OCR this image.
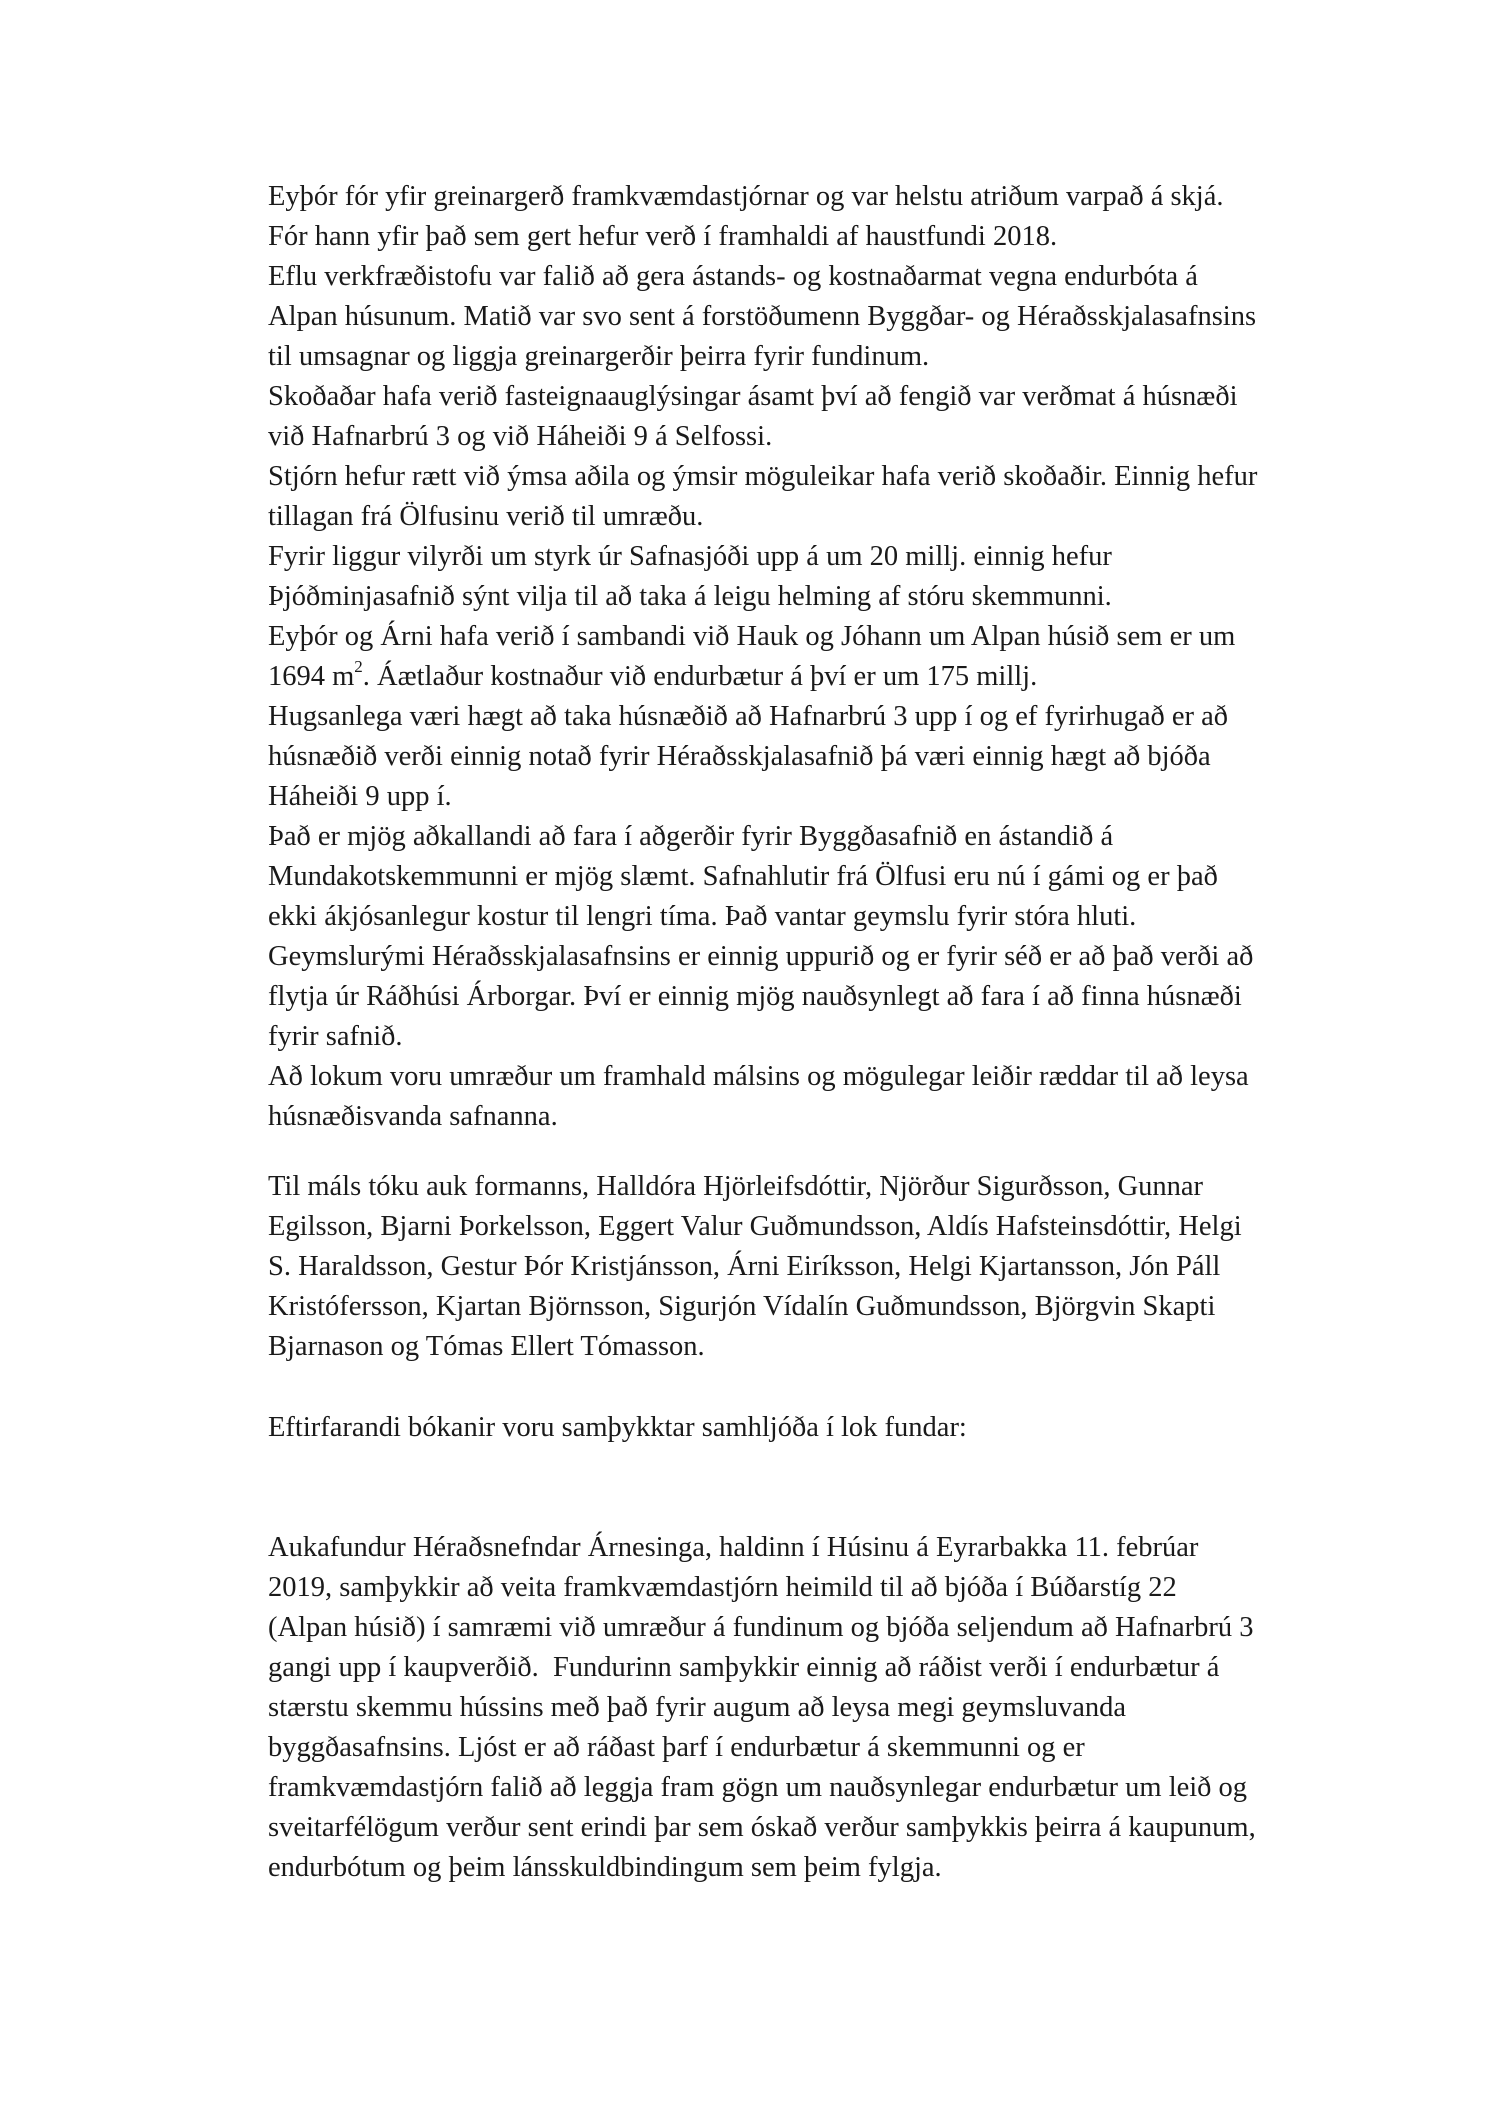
Eyþór fór yfir greinargerð framkvæmdastjórnar og var helstu atriðum varpað á skjá.
Fór hann yfir það sem gert hefur verð í framhaldi af haustfundi 2018.
Eflu verkfræðistofu var falið að gera ástands- og kostnaðarmat vegna endurbóta á
Alpan húsunum. Matið var svo sent á forstöðumenn Byggðar- og Héraðsskjalasafnsins
til umsagnar og liggja greinargerðir þeirra fyrir fundinum.
Skoðaðar hafa verið fasteignaauglýsingar ásamt því að fengið var verðmat á húsnæði
við Hafnarbrú 3 og við Háheiði 9 á Selfossi.
Stjórn hefur rætt við ýmsa aðila og ýmsir möguleikar hafa verið skoðaðir. Einnig hefur
tillagan frá Ölfusinu verið til umræðu.
Fyrir liggur vilyrði um styrk úr Safnasjóði upp á um 20 millj. einnig hefur
Þjóðminjasafnið sýnt vilja til að taka á leigu helming af stóru skemmunni.
Eyþór og Árni hafa verið í sambandi við Hauk og Jóhann um Alpan húsið sem er um
1694 $m^2$. Áætlaður kostnaður við endurbætur á því er um 175 millj.
Hugsanlega væri hægt að taka húsnæðið að Hafnarbrú 3 upp í og ef fyrirhugað er að
húsnæðið verði einnig notað fyrir Héraðsskjalasafnið þá væri einnig hægt að bjóða
Háheiði 9 upp í.
Það er mjög aðkallandi að fara í aðgerðir fyrir Byggðasafnið en ástandið á
Mundakotskemmunni er mjög slæmt. Safnahlutir frá Ölfusi eru nú í gámi og er það
ekki ákjósanlegur kostur til lengri tíma. Það vantar geymslu fyrir stóra hluti.
Geymslurými Héraðsskjalasafnsins er einnig uppurið og er fyrir séð er að það verði að
flytja úr Ráðhúsi Árborgar. Því er einnig mjög nauðsynlegt að fara í að finna húsnæði
fyrir safnið.
Að lokum voru umræður um framhald málsins og mögulegar leiðir ræddar til að leysa
húsnæðisvanda safnanna.
Til máls tóku auk formanns, Halldóra Hjörleifsdóttir, Njörður Sigurðsson, Gunnar
Egilsson, Bjarni Þorkelsson, Eggert Valur Guðmundsson, Aldís Hafsteinsdóttir, Helgi
S. Haraldsson, Gestur Þór Kristjánsson, Árni Eiríksson, Helgi Kjartansson, Jón Páll
Kristófersson, Kjartan Björnsson, Sigurjón Vídalín Guðmundsson, Björgvin Skapti
Bjarnason og Tómas Ellert Tómasson.
Eftirfarandi bókanir voru samþykktar samhljóða í lok fundar:
Aukafundur Héraðsnefndar Árnesinga, haldinn í Húsinu á Eyrarbakka 11. febrúar
2019, samþykkir að veita framkvæmdastjórn heimild til að bjóða í Búðarstíg 22
(Alpan húsið) í samræmi við umræður á fundinum og bjóða seljendum að Hafnarbrú 3
gangi upp í kaupverðið.  Fundurinn samþykkir einnig að ráðist verði í endurbætur á
stærstu skemmu hússins með það fyrir augum að leysa megi geymsluvanda
byggðasafnsins. Ljóst er að ráðast þarf í endurbætur á skemmunni og er
framkvæmdastjórn falið að leggja fram gögn um nauðsynlegar endurbætur um leið og
sveitarfélögum verður sent erindi þar sem óskað verður samþykkis þeirra á kaupunum,
endurbótum og þeim lánsskuldbindingum sem þeim fylgja.
